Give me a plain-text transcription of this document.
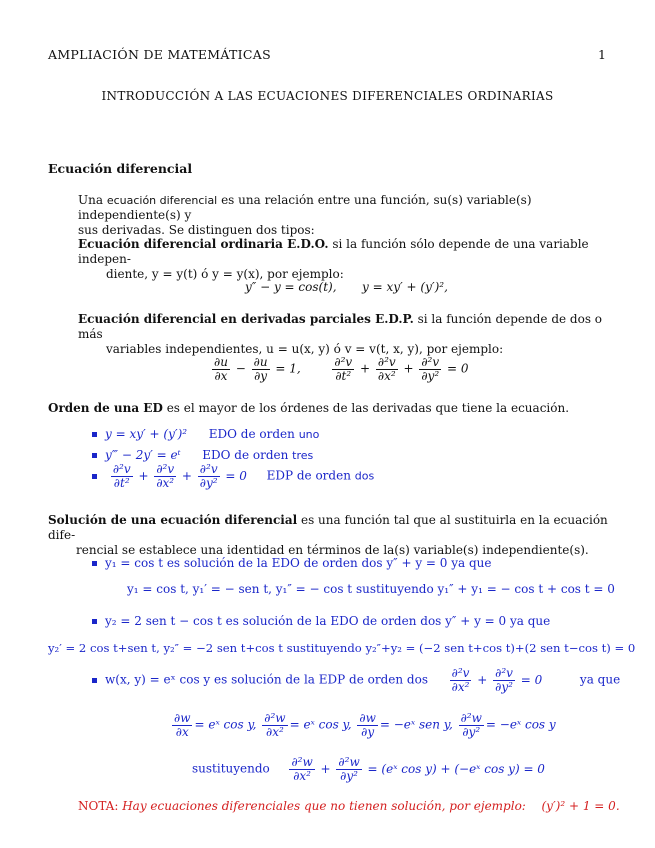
AMPLIACIÓN DE MATEMÁTICAS	1
INTRODUCCIÓN A LAS ECUACIONES DIFERENCIALES ORDINARIAS
Ecuación diferencial
Una ecuación diferencial es una relación entre una función, su(s) variable(s) independiente(s) y
sus derivadas. Se distinguen dos tipos:
Ecuación diferencial ordinaria E.D.O. si la función sólo depende de una variable indepen-
diente, y = y(t) ó y = y(x), por ejemplo:
y″ − y = cos(t), y = xy′ + (y′)²,
Ecuación diferencial en derivadas parciales E.D.P. si la función depende de dos o más
variables independientes, u = u(x, y) ó v = v(t, x, y), por ejemplo:
$\frac{\partial u}{\partial x} - \frac{\partial u}{\partial y} = 1$,	$\frac{\text{∂²v}}{\text{∂t²}} + \frac{\text{∂²v}}{\text{∂x²}} + \frac{\text{∂²v}}{\text{∂y²}} = 0$
Orden de una ED es el mayor de los órdenes de las derivadas que tiene la ecuación.
y = xy′ + (y′)² EDO de orden uno
y‴ − 2y′ = eᵗ EDO de orden tres

$\frac{\text{∂²v}}{\text{∂t²}} + \frac{\text{∂²v}}{\text{∂x²}} + \frac{\text{∂²v}}{\text{∂y²}} = 0$ EDP de orden dos
Solución de una ecuación diferencial es una función tal que al sustituirla en la ecuación dife-
rencial se establece una identidad en términos de la(s) variable(s) independiente(s).
y₁ = cos t es solución de la EDO de orden dos y″ + y = 0 ya que
y₁ = cos t, y₁′ = − sen t, y₁″ = − cos t sustituyendo y₁″ + y₁ = − cos t + cos t = 0
y₂ = 2 sen t − cos t es solución de la EDO de orden dos y″ + y = 0 ya que
y₂′ = 2 cos t+sen t, y₂″ = −2 sen t+cos t sustituyendo y₂″+y₂ = (−2 sen t+cos t)+(2 sen t−cos t) = 0
w(x, y) = eˣ cos y es solución de la EDP de orden dos $\frac{\text{∂²v}}{\text{∂x²}} + \frac{\text{∂²v}}{\text{∂y²}} = 0$	ya que
$\frac{\partial w}{\partial x}$ = eˣ cos y, $\frac{\text{∂²w}}{\text{∂x²}}$ = eˣ cos y, $\frac{\partial w}{\partial y}$ = −eˣ sen y, $\frac{\text{∂²w}}{\text{∂y²}}$ = −eˣ cos y
sustituyendo $\frac{\text{∂²w}}{\text{∂x²}} + \frac{\text{∂²w}}{\text{∂y²}}$ = (eˣ cos y) + (−eˣ cos y) = 0
NOTA: Hay ecuaciones diferenciales que no tienen solución, por ejemplo: (y′)² + 1 = 0.
